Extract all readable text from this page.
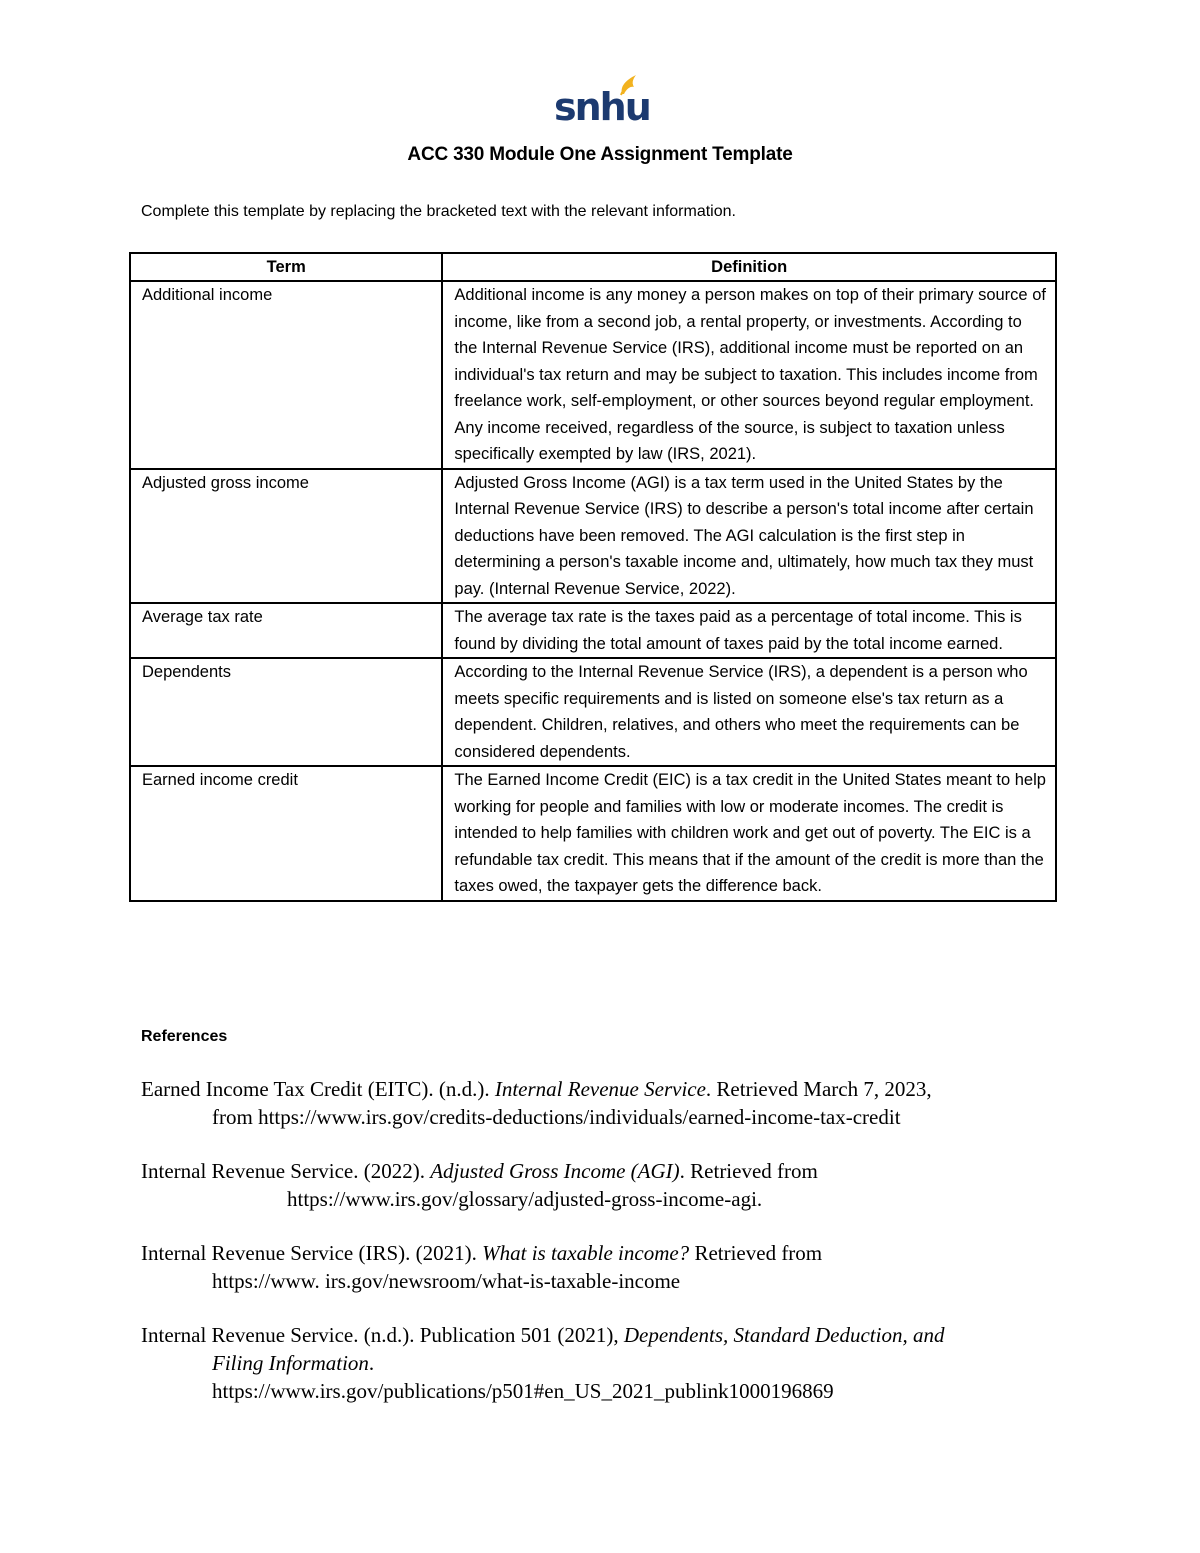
snhu
ACC 330 Module One Assignment Template
Complete this template by replacing the bracketed text with the relevant information.
Term	Definition
Additional income	Additional income is any money a person makes on top of their primary source of income, like from a second job, a rental property, or investments. According to the Internal Revenue Service (IRS), additional income must be reported on an individual's tax return and may be subject to taxation. This includes income from freelance work, self-employment, or other sources beyond regular employment. Any income received, regardless of the source, is subject to taxation unless specifically exempted by law (IRS, 2021).
Adjusted gross income	Adjusted Gross Income (AGI) is a tax term used in the United States by the Internal Revenue Service (IRS) to describe a person's total income after certain deductions have been removed. The AGI calculation is the first step in determining a person's taxable income and, ultimately, how much tax they must pay. (Internal Revenue Service, 2022).
Average tax rate	The average tax rate is the taxes paid as a percentage of total income. This is found by dividing the total amount of taxes paid by the total income earned.
Dependents	According to the Internal Revenue Service (IRS), a dependent is a person who meets specific requirements and is listed on someone else's tax return as a dependent. Children, relatives, and others who meet the requirements can be considered dependents.
Earned income credit	The Earned Income Credit (EIC) is a tax credit in the United States meant to help working for people and families with low or moderate incomes. The credit is intended to help families with children work and get out of poverty. The EIC is a refundable tax credit. This means that if the amount of the credit is more than the taxes owed, the taxpayer gets the difference back.
References
Earned Income Tax Credit (EITC). (n.d.). Internal Revenue Service. Retrieved March 7, 2023,
from https://www.irs.gov/credits-deductions/individuals/earned-income-tax-credit
Internal Revenue Service. (2022). Adjusted Gross Income (AGI). Retrieved from
https://www.irs.gov/glossary/adjusted-gross-income-agi.
Internal Revenue Service (IRS). (2021). What is taxable income? Retrieved from
https://www. irs.gov/newsroom/what-is-taxable-income
Internal Revenue Service. (n.d.). Publication 501 (2021), Dependents, Standard Deduction, and
Filing Information.
https://www.irs.gov/publications/p501#en_US_2021_publink1000196869
